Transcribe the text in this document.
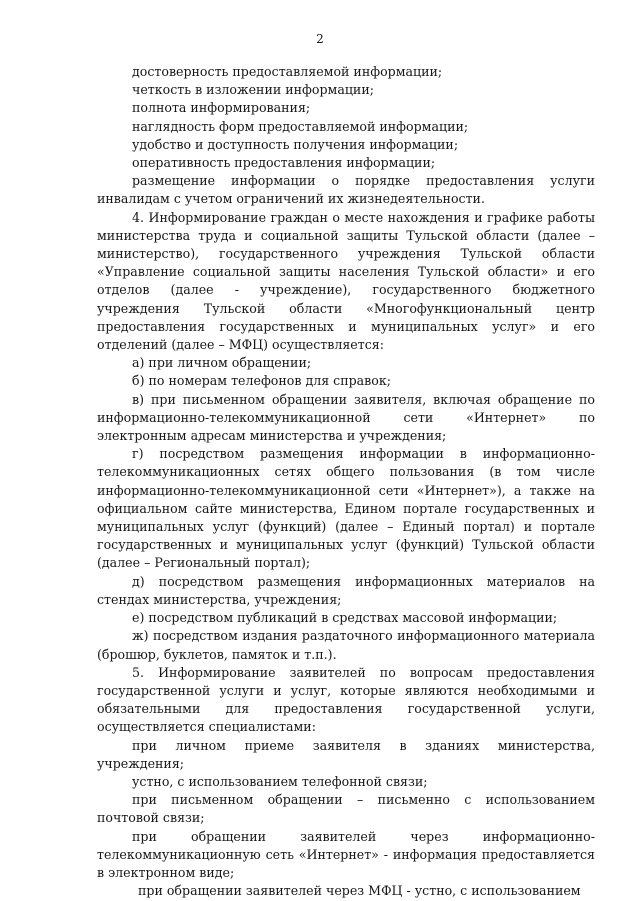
2

достоверность предоставляемой информации;

четкость в изложении информации;

полнота информирования;

наглядность форм предоставляемой информации;

удобство и доступность получения информации;

оперативность предоставления информации;

размещение информации о порядке предоставления услуги инвалидам с учетом ограничений их жизнедеятельности.

4. Информирование граждан о месте нахождения и графике работы министерства труда и социальной защиты Тульской области (далее – министерство), государственного учреждения Тульской области «Управление социальной защиты населения Тульской области» и его отделов (далее - учреждение), государственного бюджетного учреждения Тульской области «Многофункциональный центр предоставления государственных и муниципальных услуг» и его отделений (далее – МФЦ) осуществляется:

а) при личном обращении;

б) по номерам телефонов для справок;

в) при письменном обращении заявителя, включая обращение по информационно-телекоммуникационной сети «Интернет» по электронным адресам министерства и учреждения;

г) посредством размещения информации в информационно-телекоммуникационных сетях общего пользования (в том числе информационно-телекоммуникационной сети «Интернет»), а также на официальном сайте министерства, Едином портале государственных и муниципальных услуг (функций) (далее – Единый портал) и портале государственных и муниципальных услуг (функций) Тульской области (далее – Региональный портал);

д) посредством размещения информационных материалов на стендах министерства, учреждения;

е) посредством публикаций в средствах массовой информации;

ж) посредством издания раздаточного информационного материала (брошюр, буклетов, памяток и т.п.).

5. Информирование заявителей по вопросам предоставления государственной услуги и услуг, которые являются необходимыми и обязательными для предоставления государственной услуги, осуществляется специалистами:

при личном приеме заявителя в зданиях министерства, учреждения;

устно, с использованием телефонной связи;

при письменном обращении – письменно с использованием почтовой связи;

при обращении заявителей через информационно-телекоммуникационную сеть «Интернет» - информация предоставляется в электронном виде;

при обращении заявителей через МФЦ - устно, с использованием
